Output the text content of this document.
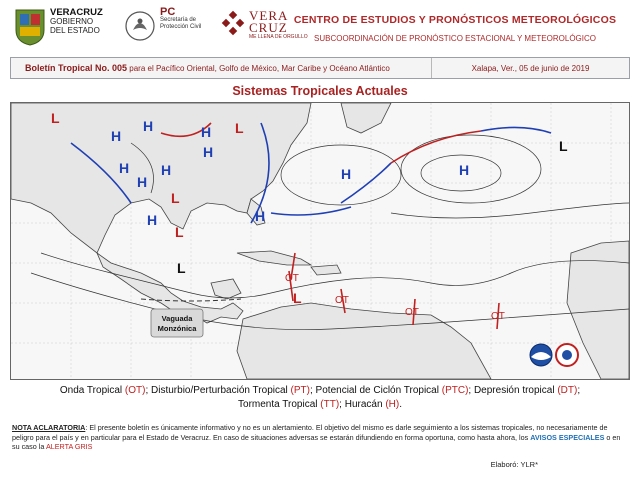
VERACRUZ
GOBIERNO
DEL ESTADO
PC
Secretaría de
Protección Civil
VERA
CRUZ
ME LLENA DE ORGULLO
CENTRO DE ESTUDIOS Y PRONÓSTICOS METEOROLÓGICOS
SUBCOORDINACIÓN DE PRONÓSTICO ESTACIONAL Y METEOROLÓGICO
Boletín Tropical No. 005 para el Pacífico Oriental, Golfo de México, Mar Caribe y Océano Atlántico	Xalapa, Ver., 05 de junio de 2019
Sistemas Tropicales Actuales
H
H
H
H
H
H
H
H	H
H
H
L
L
L
L
L
L
L
OT
OT
OT	OT
Vaguada
Monzónica
Onda Tropical (OT); Disturbio/Perturbación Tropical (PT); Potencial de Ciclón Tropical (PTC); Depresión tropical (DT);
Tormenta Tropical (TT); Huracán (H).
NOTA ACLARATORIA: El presente boletín es únicamente informativo y no es un alertamiento. El objetivo del mismo es darle seguimiento a los sistemas tropicales, no necesariamente de peligro para el país y en particular para el Estado de Veracruz. En caso de situaciones adversas se estarán difundiendo en forma oportuna, como hasta ahora, los AVISOS ESPECIALES o en su caso la ALERTA GRIS
Elaboró: YLR*
